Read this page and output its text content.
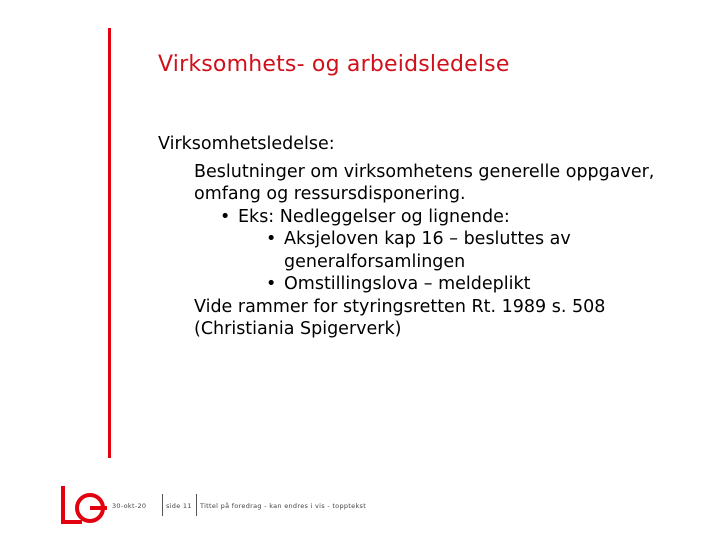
Virksomhets- og arbeidsledelse
Virksomhetsledelse:
Beslutninger om virksomhetens generelle oppgaver,
omfang og ressursdisponering.
• Eks: Nedleggelser og lignende:
• Aksjeloven kap 16 – besluttes av
generalforsamlingen
• Omstillingslova – meldeplikt
Vide rammer for styringsretten Rt. 1989 s. 508
(Christiania Spigerverk)
30-okt-20	side 11 Tittel på foredrag - kan endres i vis - topptekst
